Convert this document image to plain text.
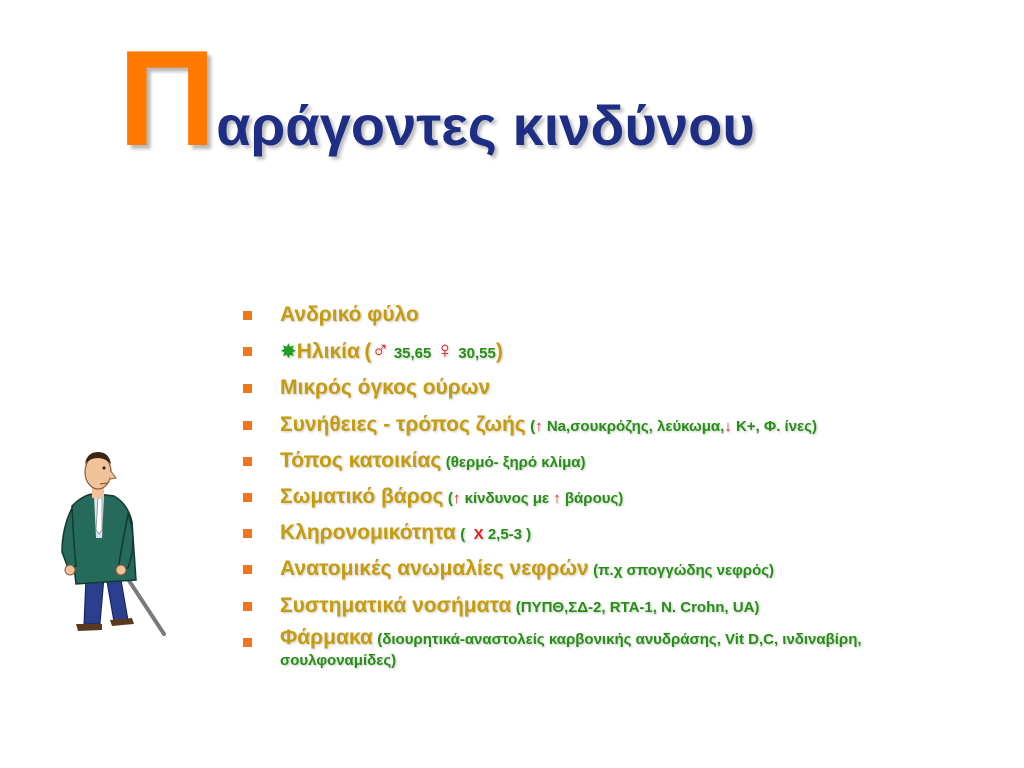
Παράγοντες κινδύνου
Ανδρικό φύλο
✸Ηλικία (♂ 35,65 ♀ 30,55)
Μικρός όγκος ούρων
Συνήθειες - τρόπος ζωής (↑ Na,σουκρόζης, λεύκωμα,↓ K+, Φ. ίνες)
Τόπος κατοικίας (θερμό- ξηρό κλίμα)
Σωματικό βάρος (↑ κίνδυνος με ↑ βάρους)
Κληρονομικότητα ( X 2,5-3 )
Ανατομικές ανωμαλίες νεφρών (π.χ σπογγώδης νεφρός)
Συστηματικά νοσήματα (ΠΥΠΘ,ΣΔ-2, RTA-1, N. Crohn, UA)
Φάρμακα (διουρητικά-αναστολείς καρβονικής ανυδράσης, Vit D,C, ινδιναβίρη,
σουλφοναμίδες)
